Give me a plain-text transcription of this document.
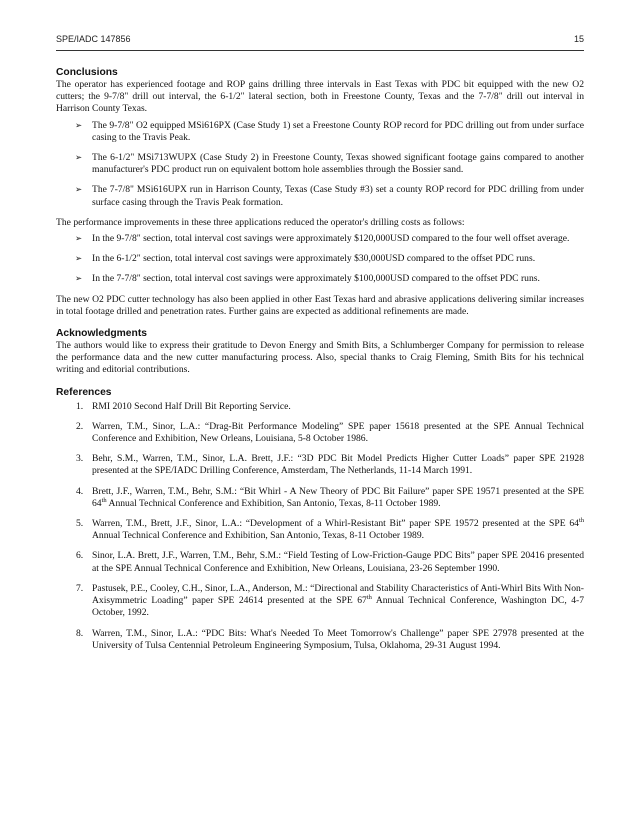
SPE/IADC 147856	15
Conclusions

The operator has experienced footage and ROP gains drilling three intervals in East Texas with PDC bit equipped with the new O2 cutters; the 9-7/8" drill out interval, the 6-1/2" lateral section, both in Freestone County, Texas and the 7-7/8" drill out interval in Harrison County Texas.

➢ The 9-7/8" O2 equipped MSi616PX (Case Study 1) set a Freestone County ROP record for PDC drilling out from under surface casing to the Travis Peak.
➢ The 6-1/2" MSi713WUPX (Case Study 2) in Freestone County, Texas showed significant footage gains compared to another manufacturer's PDC product run on equivalent bottom hole assemblies through the Bossier sand.
➢ The 7-7/8" MSi616UPX run in Harrison County, Texas (Case Study #3) set a county ROP record for PDC drilling from under surface casing through the Travis Peak formation.

The performance improvements in these three applications reduced the operator's drilling costs as follows:

➢ In the 9-7/8" section, total interval cost savings were approximately $120,000USD compared to the four well offset average.
➢ In the 6-1/2" section, total interval cost savings were approximately $30,000USD compared to the offset PDC runs.
➢ In the 7-7/8" section, total interval cost savings were approximately $100,000USD compared to the offset PDC runs.

The new O2 PDC cutter technology has also been applied in other East Texas hard and abrasive applications delivering similar increases in total footage drilled and penetration rates. Further gains are expected as additional refinements are made.

Acknowledgments

The authors would like to express their gratitude to Devon Energy and Smith Bits, a Schlumberger Company for permission to release the performance data and the new cutter manufacturing process. Also, special thanks to Craig Fleming, Smith Bits for his technical writing and editorial contributions.

References
1. RMI 2010 Second Half Drill Bit Reporting Service.
2. Warren, T.M., Sinor, L.A.: “Drag-Bit Performance Modeling” SPE paper 15618 presented at the SPE Annual Technical Conference and Exhibition, New Orleans, Louisiana, 5-8 October 1986.
3. Behr, S.M., Warren, T.M., Sinor, L.A. Brett, J.F.: “3D PDC Bit Model Predicts Higher Cutter Loads” paper SPE 21928 presented at the SPE/IADC Drilling Conference, Amsterdam, The Netherlands, 11-14 March 1991.
4. Brett, J.F., Warren, T.M., Behr, S.M.: “Bit Whirl - A New Theory of PDC Bit Failure” paper SPE 19571 presented at the SPE 64th Annual Technical Conference and Exhibition, San Antonio, Texas, 8-11 October 1989.
5. Warren, T.M., Brett, J.F., Sinor, L.A.: “Development of a Whirl-Resistant Bit” paper SPE 19572 presented at the SPE 64th Annual Technical Conference and Exhibition, San Antonio, Texas, 8-11 October 1989.
6. Sinor, L.A. Brett, J.F., Warren, T.M., Behr, S.M.: “Field Testing of Low-Friction-Gauge PDC Bits” paper SPE 20416 presented at the SPE Annual Technical Conference and Exhibition, New Orleans, Louisiana, 23-26 September 1990.
7. Pastusek, P.E., Cooley, C.H., Sinor, L.A., Anderson, M.: “Directional and Stability Characteristics of Anti-Whirl Bits With Non-Axisymmetric Loading” paper SPE 24614 presented at the SPE 67th Annual Technical Conference, Washington DC, 4-7 October, 1992.
8. Warren, T.M., Sinor, L.A.: “PDC Bits: What's Needed To Meet Tomorrow's Challenge” paper SPE 27978 presented at the University of Tulsa Centennial Petroleum Engineering Symposium, Tulsa, Oklahoma, 29-31 August 1994.
